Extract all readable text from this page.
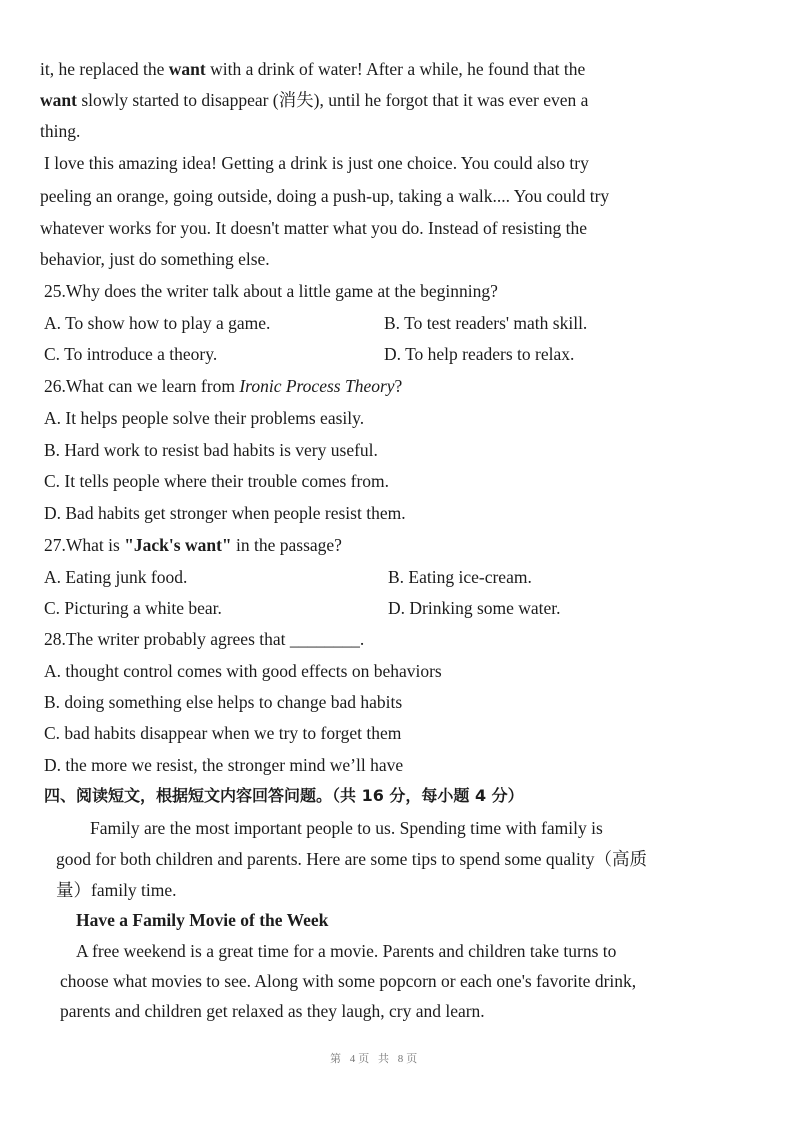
it, he replaced the want with a drink of water! After a while, he found that the
want slowly started to disappear (消失), until he forgot that it was ever even a
thing.
I love this amazing idea! Getting a drink is just one choice. You could also try
peeling an orange, going outside, doing a push-up, taking a walk.... You could try
whatever works for you. It doesn't matter what you do. Instead of resisting the
behavior, just do something else.
25.Why does the writer talk about a little game at the beginning?
A. To show how to play a game.	B. To test readers' math skill.
C. To introduce a theory.	D. To help readers to relax.
26.What can we learn from Ironic Process Theory?
A. It helps people solve their problems easily.
B. Hard work to resist bad habits is very useful.
C. It tells people where their trouble comes from.
D. Bad habits get stronger when people resist them.
27.What is "Jack's want" in the passage?
A. Eating junk food.	B. Eating ice-cream.
C. Picturing a white bear.	D. Drinking some water.
28.The writer probably agrees that ________.
A. thought control comes with good effects on behaviors
B. doing something else helps to change bad habits
C. bad habits disappear when we try to forget them
D. the more we resist, the stronger mind we’ll have
四、阅读短文，根据短文内容回答问题。（共 16 分，每小题 4 分）
Family are the most important people to us. Spending time with family is
good for both children and parents. Here are some tips to spend some quality（高质
量）family time.
Have a Family Movie of the Week
A free weekend is a great time for a movie. Parents and children take turns to
choose what movies to see. Along with some popcorn or each one's favorite drink,
parents and children get relaxed as they laugh, cry and learn.
第 4页 共 8页
